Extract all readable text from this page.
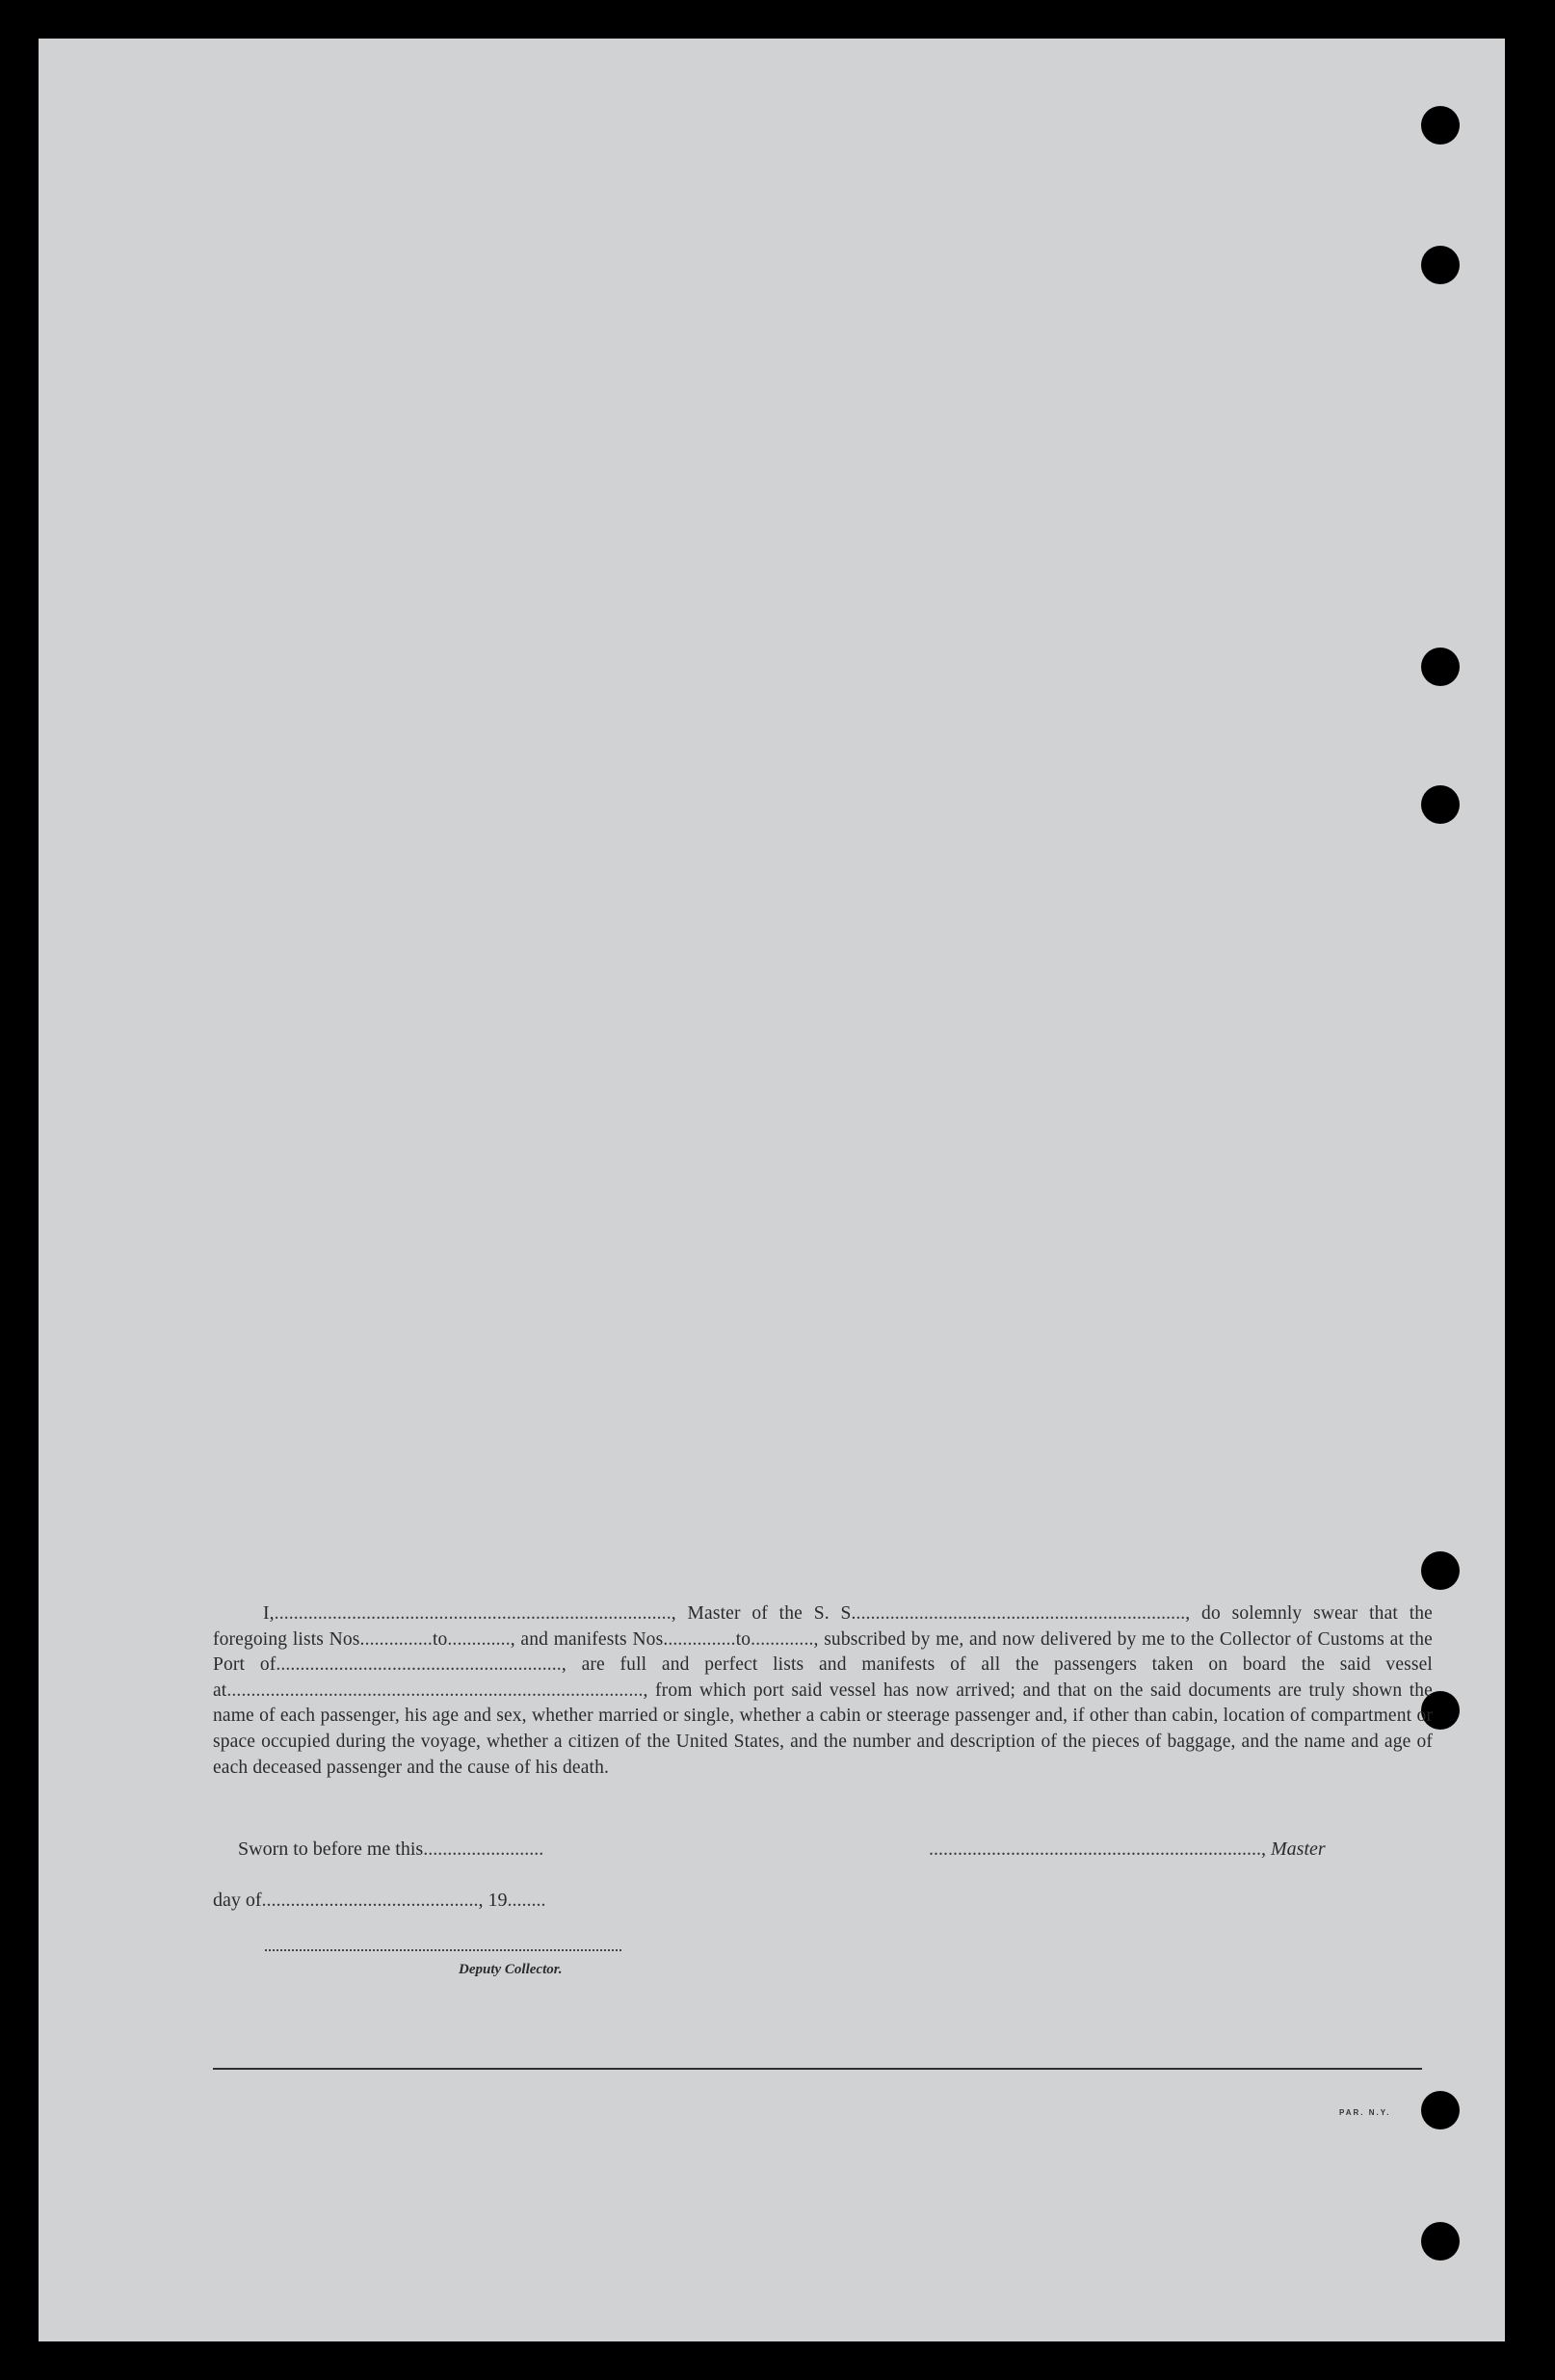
I,.................................................................................., Master of the S. S....................................................................., do solemnly swear that the foregoing lists Nos...............to............., and manifests Nos...............to............., subscribed by me, and now delivered by me to the Collector of Customs at the Port of..........................................................., are full and perfect lists and manifests of all the passengers taken on board the said vessel at......................................................................................, from which port said vessel has now arrived; and that on the said documents are truly shown the name of each passenger, his age and sex, whether married or single, whether a cabin or steerage passenger and, if other than cabin, location of compartment or space occupied during the voyage, whether a citizen of the United States, and the number and description of the pieces of baggage, and the name and age of each deceased passenger and the cause of his death.

Sworn to before me this.........................	....................................................................., Master
day of............................................., 19........
Deputy Collector.
PAR. N.Y.
